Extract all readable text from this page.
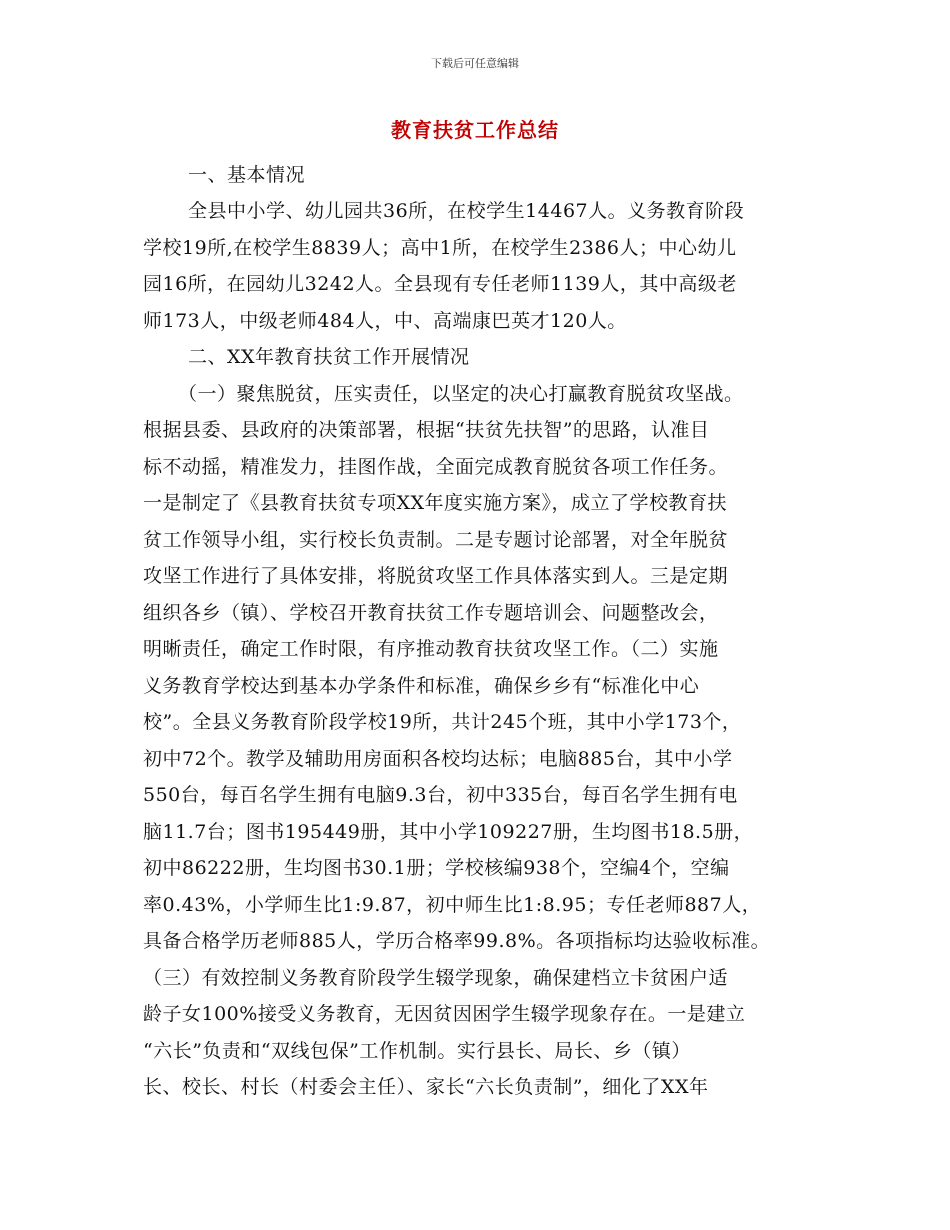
下载后可任意编辑
教育扶贫工作总结
一、基本情况
全县中小学、幼儿园共36所，在校学生14467人。义务教育阶段
学校19所,在校学生8839人；高中1所，在校学生2386人；中心幼儿
园16所，在园幼儿3242人。全县现有专任老师1139人，其中高级老
师173人，中级老师484人，中、高端康巴英才120人。
二、XX年教育扶贫工作开展情况
（一）聚焦脱贫，压实责任，以坚定的决心打赢教育脱贫攻坚战。
根据县委、县政府的决策部署，根据“扶贫先扶智”的思路，认准目
标不动摇，精准发力，挂图作战，全面完成教育脱贫各项工作任务。
一是制定了《县教育扶贫专项XX年度实施方案》，成立了学校教育扶
贫工作领导小组，实行校长负责制。二是专题讨论部署，对全年脱贫
攻坚工作进行了具体安排，将脱贫攻坚工作具体落实到人。三是定期
组织各乡（镇）、学校召开教育扶贫工作专题培训会、问题整改会，
明晰责任，确定工作时限，有序推动教育扶贫攻坚工作。（二）实施
义务教育学校达到基本办学条件和标准，确保乡乡有“标准化中心
校”。全县义务教育阶段学校19所，共计245个班，其中小学173个，
初中72个。教学及辅助用房面积各校均达标；电脑885台，其中小学
550台，每百名学生拥有电脑9.3台，初中335台，每百名学生拥有电
脑11.7台；图书195449册，其中小学109227册，生均图书18.5册，
初中86222册，生均图书30.1册；学校核编938个，空编4个，空编
率0.43%，小学师生比1:9.87，初中师生比1:8.95；专任老师887人，
具备合格学历老师885人，学历合格率99.8%。各项指标均达验收标准。
（三）有效控制义务教育阶段学生辍学现象，确保建档立卡贫困户适
龄子女100%接受义务教育，无因贫因困学生辍学现象存在。一是建立
“六长”负责和“双线包保”工作机制。实行县长、局长、乡（镇）
长、校长、村长（村委会主任）、家长“六长负责制”，细化了XX年
